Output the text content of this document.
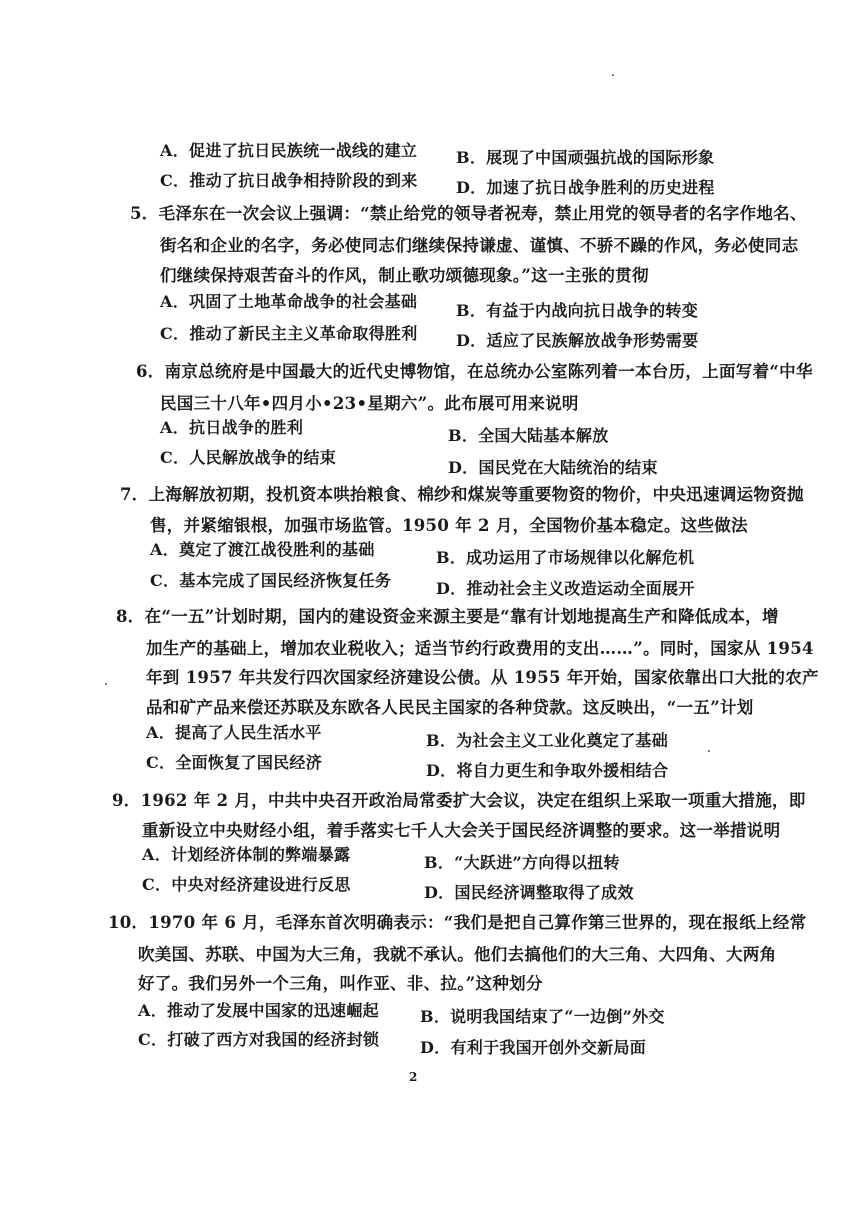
A．促进了抗日民族统一战线的建立 B．展现了中国顽强抗战的国际形象
C．推动了抗日战争相持阶段的到来 D．加速了抗日战争胜利的历史进程
5．毛泽东在一次会议上强调：“禁止给党的领导者祝寿，禁止用党的领导者的名字作地名、
街名和企业的名字，务必使同志们继续保持谦虚、谨慎、不骄不躁的作风，务必使同志
们继续保持艰苦奋斗的作风，制止歌功颂德现象。”这一主张的贯彻
A．巩固了土地革命战争的社会基础 B．有益于内战向抗日战争的转变
C．推动了新民主主义革命取得胜利 D．适应了民族解放战争形势需要
6．南京总统府是中国最大的近代史博物馆，在总统办公室陈列着一本台历，上面写着“中华
民国三十八年•四月小•23•星期六”。此布展可用来说明
A．抗日战争的胜利	B．全国大陆基本解放
C．人民解放战争的结束
D．国民党在大陆统治的结束
7．上海解放初期，投机资本哄抬粮食、棉纱和煤炭等重要物资的物价，中央迅速调运物资抛
售，并紧缩银根，加强市场监管。1950 年 2 月，全国物价基本稳定。这些做法
A．奠定了渡江战役胜利的基础	B．成功运用了市场规律以化解危机
C．基本完成了国民经济恢复任务	D．推动社会主义改造运动全面展开
8．在“一五”计划时期，国内的建设资金来源主要是“靠有计划地提高生产和降低成本，增
加生产的基础上，增加农业税收入；适当节约行政费用的支出……”。同时，国家从 1954
年到 1957 年共发行四次国家经济建设公债。从 1955 年开始，国家依靠出口大批的农产
品和矿产品来偿还苏联及东欧各人民民主国家的各种贷款。这反映出，“一五”计划
A．提高了人民生活水平	B．为社会主义工业化奠定了基础
C．全面恢复了国民经济	D．将自力更生和争取外援相结合
9．1962 年 2 月，中共中央召开政治局常委扩大会议，决定在组织上采取一项重大措施，即
重新设立中央财经小组，着手落实七千人大会关于国民经济调整的要求。这一举措说明
A．计划经济体制的弊端暴露	B．“大跃进”方向得以扭转
C．中央对经济建设进行反思	D．国民经济调整取得了成效
10．1970 年 6 月，毛泽东首次明确表示：“我们是把自己算作第三世界的，现在报纸上经常
吹美国、苏联、中国为大三角，我就不承认。他们去搞他们的大三角、大四角、大两角
好了。我们另外一个三角，叫作亚、非、拉。”这种划分
A．推动了发展中国家的迅速崛起	B．说明我国结束了“一边倒”外交
C．打破了西方对我国的经济封锁	D．有利于我国开创外交新局面
2
